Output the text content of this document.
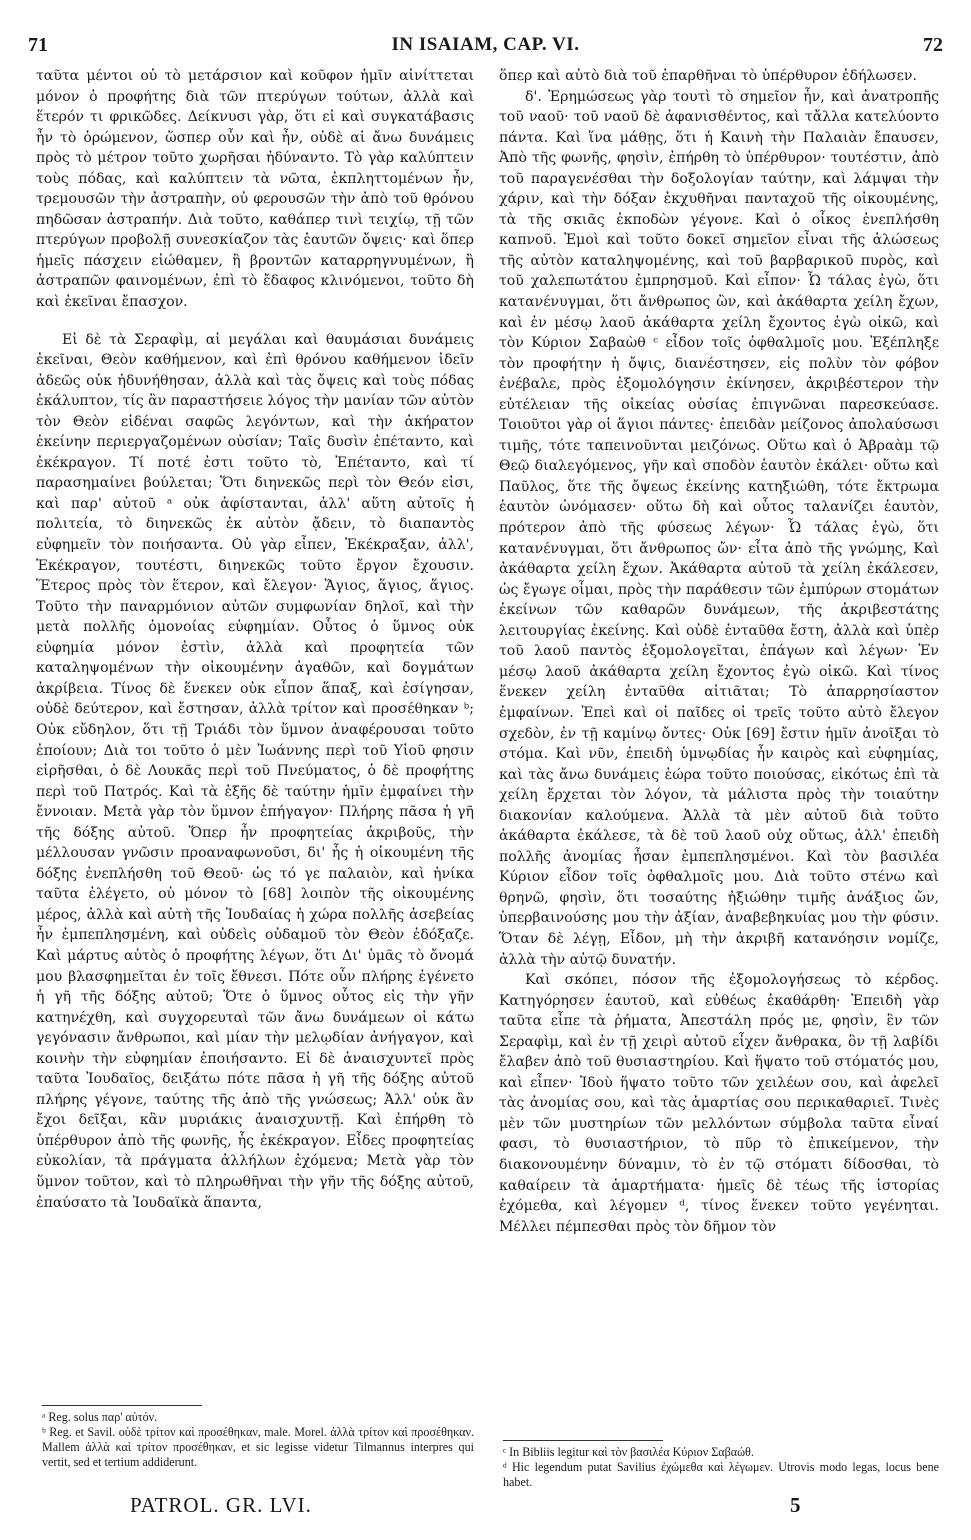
71	IN ISAIAM, CAP. VI.	72

ταῦτα μέντοι οὐ τὸ μετάρσιον καὶ κοῦφον ἡμῖν αἰνίττεται μόνον ὁ προφήτης διὰ τῶν πτερύγων τούτων, ἀλλὰ καὶ ἕτερόν τι φρικῶδες. Δείκνυσι γὰρ, ὅτι εἰ καὶ συγκατάβασις ἦν τὸ ὁρώμενον, ὥσπερ οὖν καὶ ἦν, οὐδὲ αἱ ἄνω δυνάμεις πρὸς τὸ μέτρον τοῦτο χωρῆσαι ἠδύναντο. Τὸ γὰρ καλύπτειν τοὺς πόδας, καὶ καλύπτειν τὰ νῶτα, ἐκπληττομένων ἦν, τρεμουσῶν τὴν ἀστραπὴν, οὐ φερουσῶν τὴν ἀπὸ τοῦ θρόνου πηδῶσαν ἀστραπήν. Διὰ τοῦτο, καθάπερ τινὶ τειχίῳ, τῇ τῶν πτερύγων προβολῇ συνεσκίαζον τὰς ἑαυτῶν ὄψεις· καὶ ὅπερ ἡμεῖς πάσχειν εἰώθαμεν, ἢ βροντῶν καταρρηγνυμένων, ἢ ἀστραπῶν φαινομένων, ἐπὶ τὸ ἔδαφος κλινόμενοι, τοῦτο δὴ καὶ ἐκεῖναι ἔπασχον.

Εἰ δὲ τὰ Σεραφὶμ, αἱ μεγάλαι καὶ θαυμάσιαι δυνάμεις ἐκεῖναι, Θεὸν καθήμενον, καὶ ἐπὶ θρόνου καθήμενον ἰδεῖν ἀδεῶς οὐκ ἠδυνήθησαν, ἀλλὰ καὶ τὰς ὄψεις καὶ τοὺς πόδας ἐκάλυπτον, τίς ἂν παραστήσειε λόγος τὴν μανίαν τῶν αὐτὸν τὸν Θεὸν εἰδέναι σαφῶς λεγόντων, καὶ τὴν ἀκήρατον ἐκείνην περιεργαζομένων οὐσίαν; Ταῖς δυσὶν ἐπέταντο, καὶ ἐκέκραγον. Τί ποτέ ἐστι τοῦτο τὸ, Ἐπέταντο, καὶ τί παρασημαίνει βούλεται; Ὅτι διηνεκῶς περὶ τὸν Θεόν εἰσι, καὶ παρ' αὐτοῦ ᵃ οὐκ ἀφίστανται, ἀλλ' αὕτη αὐτοῖς ἡ πολιτεία, τὸ διηνεκῶς ἐκ αὐτὸν ᾄδειν, τὸ διαπαντὸς εὐφημεῖν τὸν ποιήσαντα. Οὐ γὰρ εἶπεν, Ἐκέκραξαν, ἀλλ', Ἐκέκραγον, τουτέστι, διηνεκῶς τοῦτο ἔργον ἔχουσιν. Ἕτερος πρὸς τὸν ἕτερον, καὶ ἔλεγον· Ἅγιος, ἅγιος, ἅγιος. Τοῦτο τὴν παναρμόνιον αὐτῶν συμφωνίαν δηλοῖ, καὶ τὴν μετὰ πολλῆς ὁμονοίας εὐφημίαν. Οὗτος ὁ ὕμνος οὐκ εὐφημία μόνον ἐστὶν, ἀλλὰ καὶ προφητεία τῶν καταληψομένων τὴν οἰκουμένην ἀγαθῶν, καὶ δογμάτων ἀκρίβεια. Τίνος δὲ ἕνεκεν οὐκ εἶπον ἅπαξ, καὶ ἐσίγησαν, οὐδὲ δεύτερον, καὶ ἔστησαν, ἀλλὰ τρίτον καὶ προσέθηκαν ᵇ; Οὐκ εὔδηλον, ὅτι τῇ Τριάδι τὸν ὕμνον ἀναφέρουσαι τοῦτο ἐποίουν; Διὰ τοι τοῦτο ὁ μὲν Ἰωάννης περὶ τοῦ Υἱοῦ φησιν εἰρῆσθαι, ὁ δὲ Λουκᾶς περὶ τοῦ Πνεύματος, ὁ δὲ προφήτης περὶ τοῦ Πατρός. Καὶ τὰ ἑξῆς δὲ ταύτην ἡμῖν ἐμφαίνει τὴν ἔννοιαν. Μετὰ γὰρ τὸν ὕμνον ἐπήγαγον· Πλήρης πᾶσα ἡ γῆ τῆς δόξης αὐτοῦ. Ὅπερ ἦν προφητείας ἀκριβοῦς, τὴν μέλλουσαν γνῶσιν προαναφωνοῦσι, δι' ἧς ἡ οἰκουμένη τῆς δόξης ἐνεπλήσθη τοῦ Θεοῦ· ὡς τό γε παλαιὸν, καὶ ἡνίκα ταῦτα ἐλέγετο, οὐ μόνον τὸ [68] λοιπὸν τῆς οἰκουμένης μέρος, ἀλλὰ καὶ αὐτὴ τῆς Ἰουδαίας ἡ χώρα πολλῆς ἀσεβείας ἦν ἐμπεπλησμένη, καὶ οὐδεὶς οὐδαμοῦ τὸν Θεὸν ἐδόξαζε. Καὶ μάρτυς αὐτὸς ὁ προφήτης λέγων, ὅτι Δι' ὑμᾶς τὸ ὄνομά μου βλασφημεῖται ἐν τοῖς ἔθνεσι. Πότε οὖν πλήρης ἐγένετο ἡ γῆ τῆς δόξης αὐτοῦ; Ὅτε ὁ ὕμνος οὗτος εἰς τὴν γῆν κατηνέχθη, καὶ συγχορευταὶ τῶν ἄνω δυνάμεων οἱ κάτω γεγόνασιν ἄνθρωποι, καὶ μίαν τὴν μελῳδίαν ἀνήγαγον, καὶ κοινὴν τὴν εὐφημίαν ἐποιήσαντο. Εἰ δὲ ἀναισχυντεῖ πρὸς ταῦτα Ἰουδαῖος, δειξάτω πότε πᾶσα ἡ γῆ τῆς δόξης αὐτοῦ πλήρης γέγονε, ταύτης τῆς ἀπὸ τῆς γνώσεως; Ἀλλ' οὐκ ἂν ἔχοι δεῖξαι, κἂν μυριάκις ἀναισχυντῇ. Καὶ ἐπήρθη τὸ ὑπέρθυρον ἀπὸ τῆς φωνῆς, ἧς ἐκέκραγον. Εἶδες προφητείας εὐκολίαν, τὰ πράγματα ἀλλήλων ἐχόμενα; Μετὰ γὰρ τὸν ὕμνον τοῦτον, καὶ τὸ πληρωθῆναι τὴν γῆν τῆς δόξης αὐτοῦ, ἐπαύσατο τὰ Ἰουδαϊκὰ ἅπαντα,

ὅπερ καὶ αὐτὸ διὰ τοῦ ἐπαρθῆναι τὸ ὑπέρθυρον ἐδήλωσεν.

δ'. Ἐρημώσεως γὰρ τουτὶ τὸ σημεῖον ἦν, καὶ ἀνατροπῆς τοῦ ναοῦ· τοῦ ναοῦ δὲ ἀφανισθέντος, καὶ τἄλλα κατελύοντο πάντα. Καὶ ἵνα μάθῃς, ὅτι ἡ Καινὴ τὴν Παλαιὰν ἔπαυσεν, Ἀπὸ τῆς φωνῆς, φησὶν, ἐπήρθη τὸ ὑπέρθυρον· τουτέστιν, ἀπὸ τοῦ παραγενέσθαι τὴν δοξολογίαν ταύτην, καὶ λάμψαι τὴν χάριν, καὶ τὴν δόξαν ἐκχυθῆναι πανταχοῦ τῆς οἰκουμένης, τὰ τῆς σκιᾶς ἐκποδὼν γέγονε. Καὶ ὁ οἶκος ἐνεπλήσθη καπνοῦ. Ἐμοὶ καὶ τοῦτο δοκεῖ σημεῖον εἶναι τῆς ἁλώσεως τῆς αὐτὸν καταληψομένης, καὶ τοῦ βαρβαρικοῦ πυρὸς, καὶ τοῦ χαλεπωτάτου ἐμπρησμοῦ. Καὶ εἶπον· Ὦ τάλας ἐγὼ, ὅτι κατανένυγμαι, ὅτι ἄνθρωπος ὢν, καὶ ἀκάθαρτα χείλη ἔχων, καὶ ἐν μέσῳ λαοῦ ἀκάθαρτα χείλη ἔχοντος ἐγὼ οἰκῶ, καὶ τὸν Κύριον Σαβαὼθ ᶜ εἶδον τοῖς ὀφθαλμοῖς μου. Ἐξέπληξε τὸν προφήτην ἡ ὄψις, διανέστησεν, εἰς πολὺν τὸν φόβον ἐνέβαλε, πρὸς ἐξομολόγησιν ἐκίνησεν, ἀκριβέστερον τὴν εὐτέλειαν τῆς οἰκείας οὐσίας ἐπιγνῶναι παρεσκεύασε. Τοιοῦτοι γὰρ οἱ ἅγιοι πάντες· ἐπειδὰν μείζονος ἀπολαύσωσι τιμῆς, τότε ταπεινοῦνται μειζόνως. Οὕτω καὶ ὁ Ἀβραὰμ τῷ Θεῷ διαλεγόμενος, γῆν καὶ σποδὸν ἑαυτὸν ἐκάλει· οὕτω καὶ Παῦλος, ὅτε τῆς ὄψεως ἐκείνης κατηξιώθη, τότε ἔκτρωμα ἑαυτὸν ὠνόμασεν· οὕτω δὴ καὶ οὗτος ταλανίζει ἑαυτὸν, πρότερον ἀπὸ τῆς φύσεως λέγων· Ὦ τάλας ἐγὼ, ὅτι κατανένυγμαι, ὅτι ἄνθρωπος ὤν· εἶτα ἀπὸ τῆς γνώμης, Καὶ ἀκάθαρτα χείλη ἔχων. Ἀκάθαρτα αὐτοῦ τὰ χείλη ἐκάλεσεν, ὡς ἔγωγε οἶμαι, πρὸς τὴν παράθεσιν τῶν ἐμπύρων στομάτων ἐκείνων τῶν καθαρῶν δυνάμεων, τῆς ἀκριβεστάτης λειτουργίας ἐκείνης. Καὶ οὐδὲ ἐνταῦθα ἔστη, ἀλλὰ καὶ ὑπὲρ τοῦ λαοῦ παντὸς ἐξομολογεῖται, ἐπάγων καὶ λέγων· Ἐν μέσῳ λαοῦ ἀκάθαρτα χείλη ἔχοντος ἐγὼ οἰκῶ. Καὶ τίνος ἕνεκεν χείλη ἐνταῦθα αἰτιᾶται; Τὸ ἀπαρρησίαστον ἐμφαίνων. Ἐπεὶ καὶ οἱ παῖδες οἱ τρεῖς τοῦτο αὐτὸ ἔλεγον σχεδὸν, ἐν τῇ καμίνῳ ὄντες· Οὐκ [69] ἔστιν ἡμῖν ἀνοῖξαι τὸ στόμα. Καὶ νῦν, ἐπειδὴ ὑμνῳδίας ἦν καιρὸς καὶ εὐφημίας, καὶ τὰς ἄνω δυνάμεις ἑώρα τοῦτο ποιούσας, εἰκότως ἐπὶ τὰ χείλη ἔρχεται τὸν λόγον, τὰ μάλιστα πρὸς τὴν τοιαύτην διακονίαν καλούμενα. Ἀλλὰ τὰ μὲν αὐτοῦ διὰ τοῦτο ἀκάθαρτα ἐκάλεσε, τὰ δὲ τοῦ λαοῦ οὐχ οὕτως, ἀλλ' ἐπειδὴ πολλῆς ἀνομίας ἦσαν ἐμπεπλησμένοι. Καὶ τὸν βασιλέα Κύριον εἶδον τοῖς ὀφθαλμοῖς μου. Διὰ τοῦτο στένω καὶ θρηνῶ, φησὶν, ὅτι τοσαύτης ἠξιώθην τιμῆς ἀνάξιος ὤν, ὑπερβαινούσης μου τὴν ἀξίαν, ἀναβεβηκυίας μου τὴν φύσιν. Ὅταν δὲ λέγῃ, Εἶδον, μὴ τὴν ἀκριβῆ κατανόησιν νομίζε, ἀλλὰ τὴν αὐτῷ δυνατήν.

Καὶ σκόπει, πόσον τῆς ἐξομολογήσεως τὸ κέρδος. Κατηγόρησεν ἑαυτοῦ, καὶ εὐθέως ἐκαθάρθη· Ἐπειδὴ γὰρ ταῦτα εἶπε τὰ ῥήματα, Ἀπεστάλη πρός με, φησὶν, ἓν τῶν Σεραφὶμ, καὶ ἐν τῇ χειρὶ αὐτοῦ εἶχεν ἄνθρακα, ὃν τῇ λαβίδι ἔλαβεν ἀπὸ τοῦ θυσιαστηρίου. Καὶ ἥψατο τοῦ στόματός μου, καὶ εἶπεν· Ἰδοὺ ἥψατο τοῦτο τῶν χειλέων σου, καὶ ἀφελεῖ τὰς ἀνομίας σου, καὶ τὰς ἁμαρτίας σου περικαθαριεῖ. Τινὲς μὲν τῶν μυστηρίων τῶν μελλόντων σύμβολα ταῦτα εἶναί φασι, τὸ θυσιαστήριον, τὸ πῦρ τὸ ἐπικείμενον, τὴν διακονουμένην δύναμιν, τὸ ἐν τῷ στόματι δίδοσθαι, τὸ καθαίρειν τὰ ἁμαρτήματα· ἡμεῖς δὲ τέως τῆς ἱστορίας ἐχόμεθα, καὶ λέγομεν ᵈ, τίνος ἕνεκεν τοῦτο γεγένηται. Μέλλει πέμπεσθαι πρὸς τὸν δῆμον τὸν

ᵃ Reg. solus παρ' αὐτόν.

ᵇ Reg. et Savil. οὐδὲ τρίτον καὶ προσέθηκαν, male. Morel. ἀλλὰ τρίτον καὶ προσέθηκαν. Mallem ἀλλὰ καὶ τρίτον προσέθηκαν, et sic legisse videtur Tilmannus interpres qui vertit, sed et tertium addiderunt.

ᶜ In Bibliis legitur καὶ τὸν βασιλέα Κύριον Σαβαώθ.

ᵈ Hic legendum putat Savilius ἐχώμεθα καὶ λέγωμεν. Utrovis modo legas, locus bene habet.

PATROL. GR. LVI.	5
